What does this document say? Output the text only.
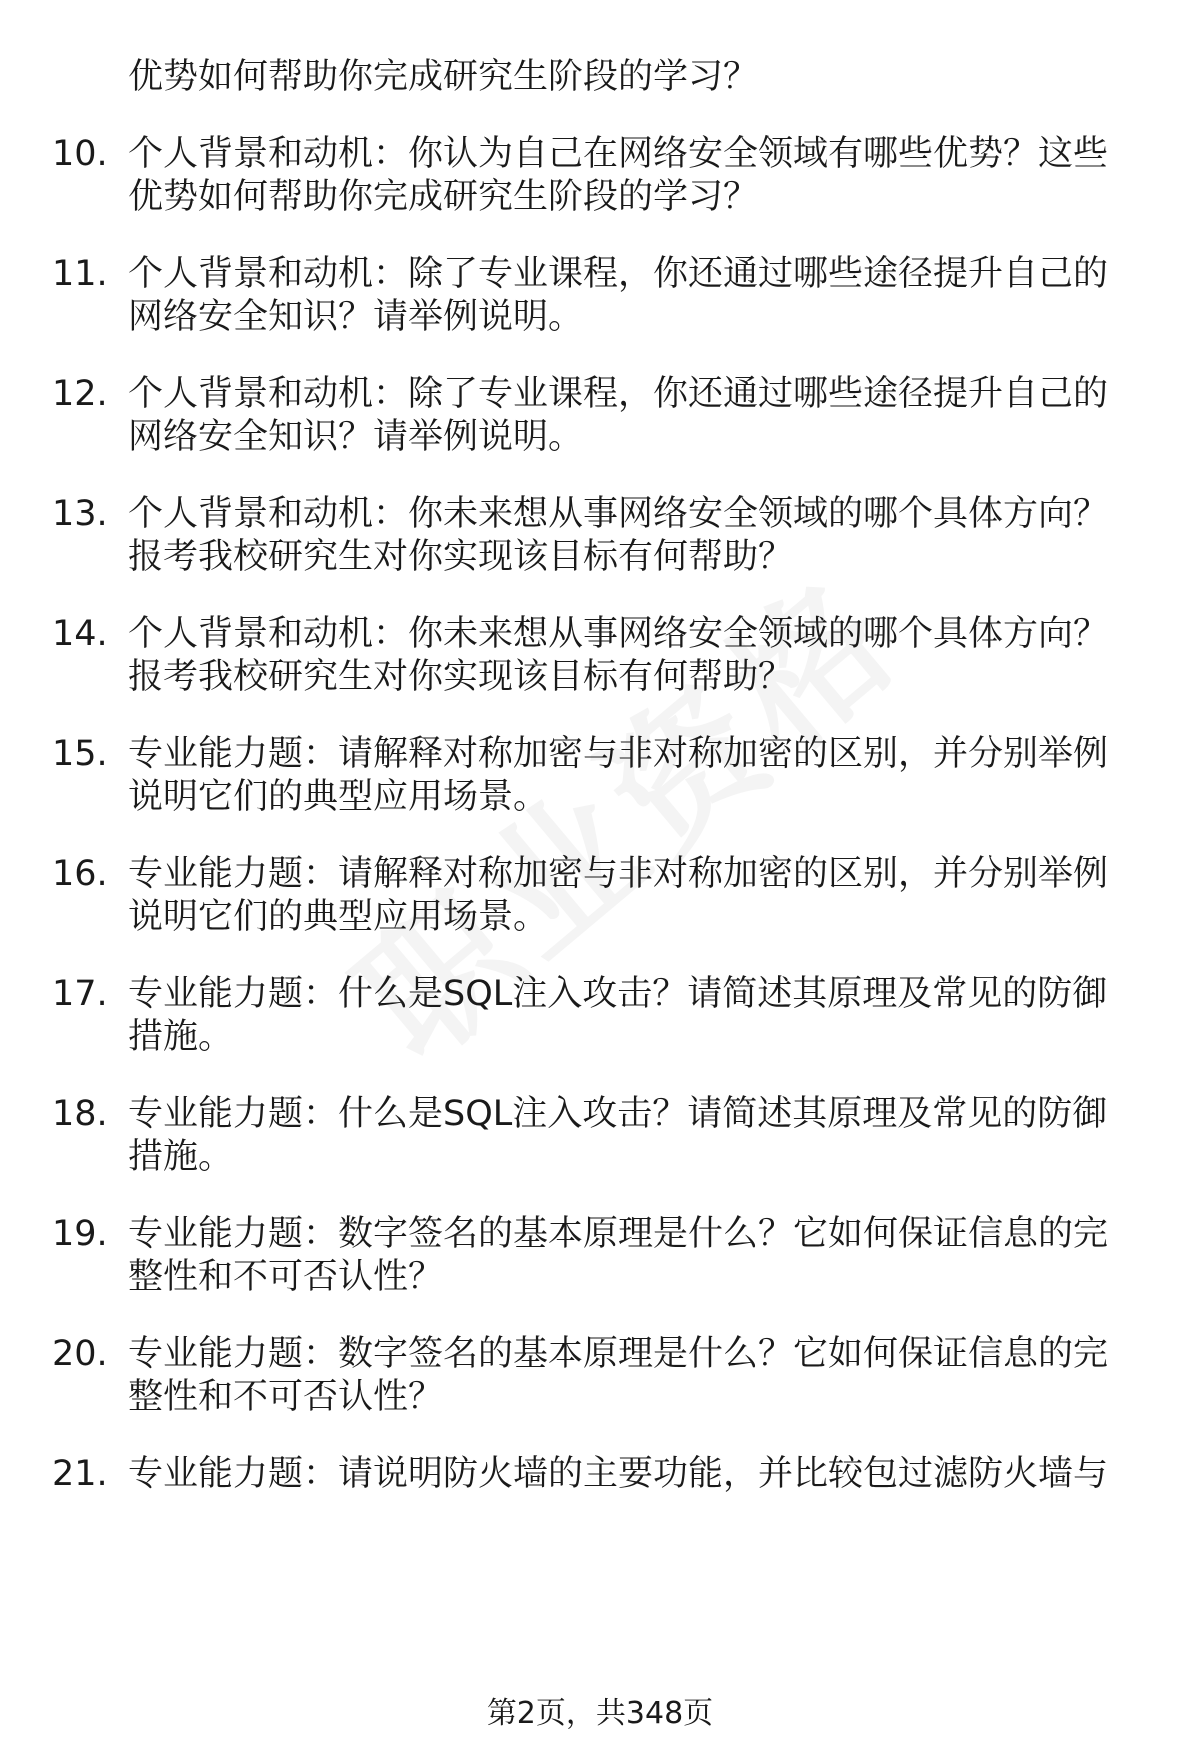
优势如何帮助你完成研究生阶段的学习？
10. 个人背景和动机：你认为自己在网络安全领域有哪些优势？这些
优势如何帮助你完成研究生阶段的学习？
11. 个人背景和动机：除了专业课程，你还通过哪些途径提升自己的
网络安全知识？请举例说明。
12. 个人背景和动机：除了专业课程，你还通过哪些途径提升自己的
网络安全知识？请举例说明。
13. 个人背景和动机：你未来想从事网络安全领域的哪个具体方向？
报考我校研究生对你实现该目标有何帮助？
14. 个人背景和动机：你未来想从事网络安全领域的哪个具体方向？
报考我校研究生对你实现该目标有何帮助？
15. 专业能力题：请解释对称加密与非对称加密的区别，并分别举例
说明它们的典型应用场景。
16. 专业能力题：请解释对称加密与非对称加密的区别，并分别举例
说明它们的典型应用场景。
17. 专业能力题：什么是SQL注入攻击？请简述其原理及常见的防御
措施。
18. 专业能力题：什么是SQL注入攻击？请简述其原理及常见的防御
措施。
19. 专业能力题：数字签名的基本原理是什么？它如何保证信息的完
整性和不可否认性？
20. 专业能力题：数字签名的基本原理是什么？它如何保证信息的完
整性和不可否认性？
21. 专业能力题：请说明防火墙的主要功能，并比较包过滤防火墙与
第2页，共348页
